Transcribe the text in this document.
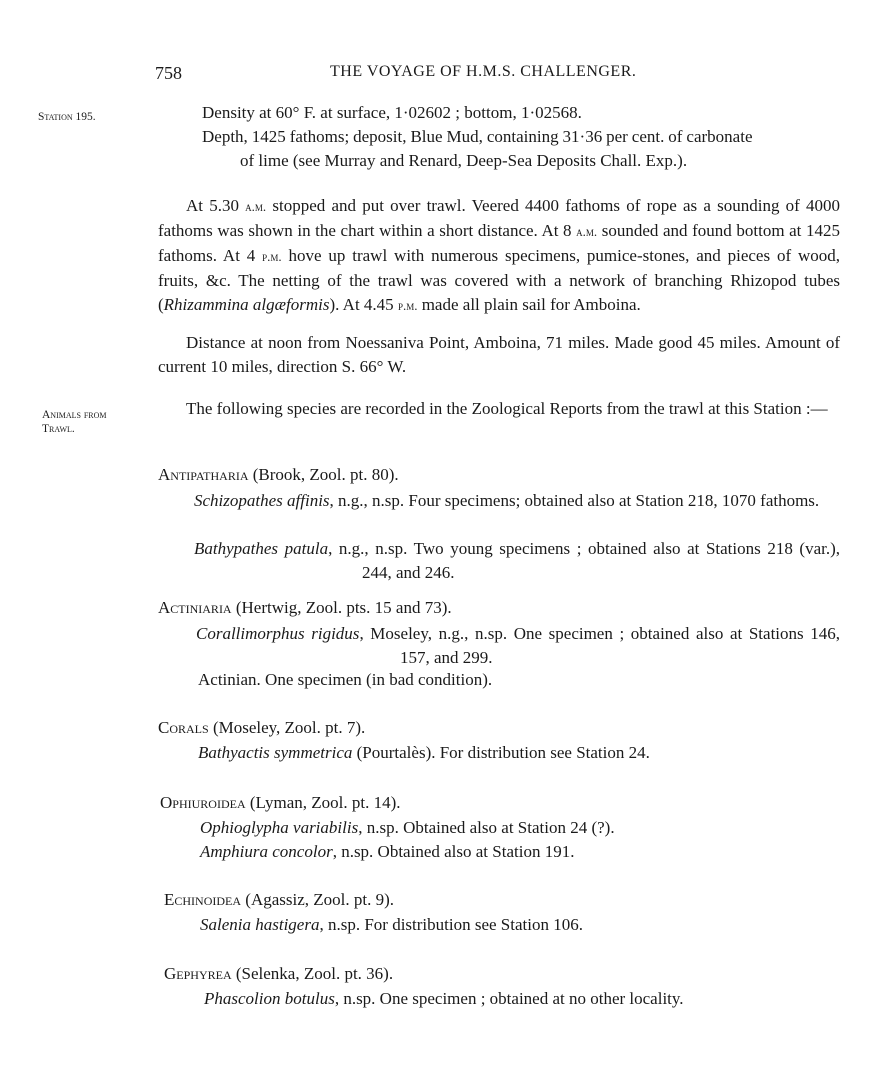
758	THE VOYAGE OF H.M.S. CHALLENGER.
Station 195.
Animals from
Trawl.
Density at 60° F. at surface, 1·02602 ; bottom, 1·02568.
Depth, 1425 fathoms; deposit, Blue Mud, containing 31·36 per cent. of carbonate
of lime (see Murray and Renard, Deep-Sea Deposits Chall. Exp.).
At 5.30 a.m. stopped and put over trawl. Veered 4400 fathoms of rope as a sounding of 4000 fathoms was shown in the chart within a short distance. At 8 a.m. sounded and found bottom at 1425 fathoms. At 4 p.m. hove up trawl with numerous specimens, pumice-stones, and pieces of wood, fruits, &c. The netting of the trawl was covered with a network of branching Rhizopod tubes (Rhizammina algæformis). At 4.45 p.m. made all plain sail for Amboina.
Distance at noon from Noessaniva Point, Amboina, 71 miles. Made good 45 miles. Amount of current 10 miles, direction S. 66° W.
The following species are recorded in the Zoological Reports from the trawl at this Station :—
Antipatharia (Brook, Zool. pt. 80).
Schizopathes affinis, n.g., n.sp. Four specimens; obtained also at Station 218, 1070 fathoms.
Bathypathes patula, n.g., n.sp. Two young specimens ; obtained also at Stations 218 (var.), 244, and 246.
Actiniaria (Hertwig, Zool. pts. 15 and 73).
Corallimorphus rigidus, Moseley, n.g., n.sp. One specimen ; obtained also at Stations 146, 157, and 299.
Actinian. One specimen (in bad condition).
Corals (Moseley, Zool. pt. 7).
Bathyactis symmetrica (Pourtalès). For distribution see Station 24.
Ophiuroidea (Lyman, Zool. pt. 14).
Ophioglypha variabilis, n.sp. Obtained also at Station 24 (?).
Amphiura concolor, n.sp. Obtained also at Station 191.
Echinoidea (Agassiz, Zool. pt. 9).
Salenia hastigera, n.sp. For distribution see Station 106.
Gephyrea (Selenka, Zool. pt. 36).
Phascolion botulus, n.sp. One specimen ; obtained at no other locality.
